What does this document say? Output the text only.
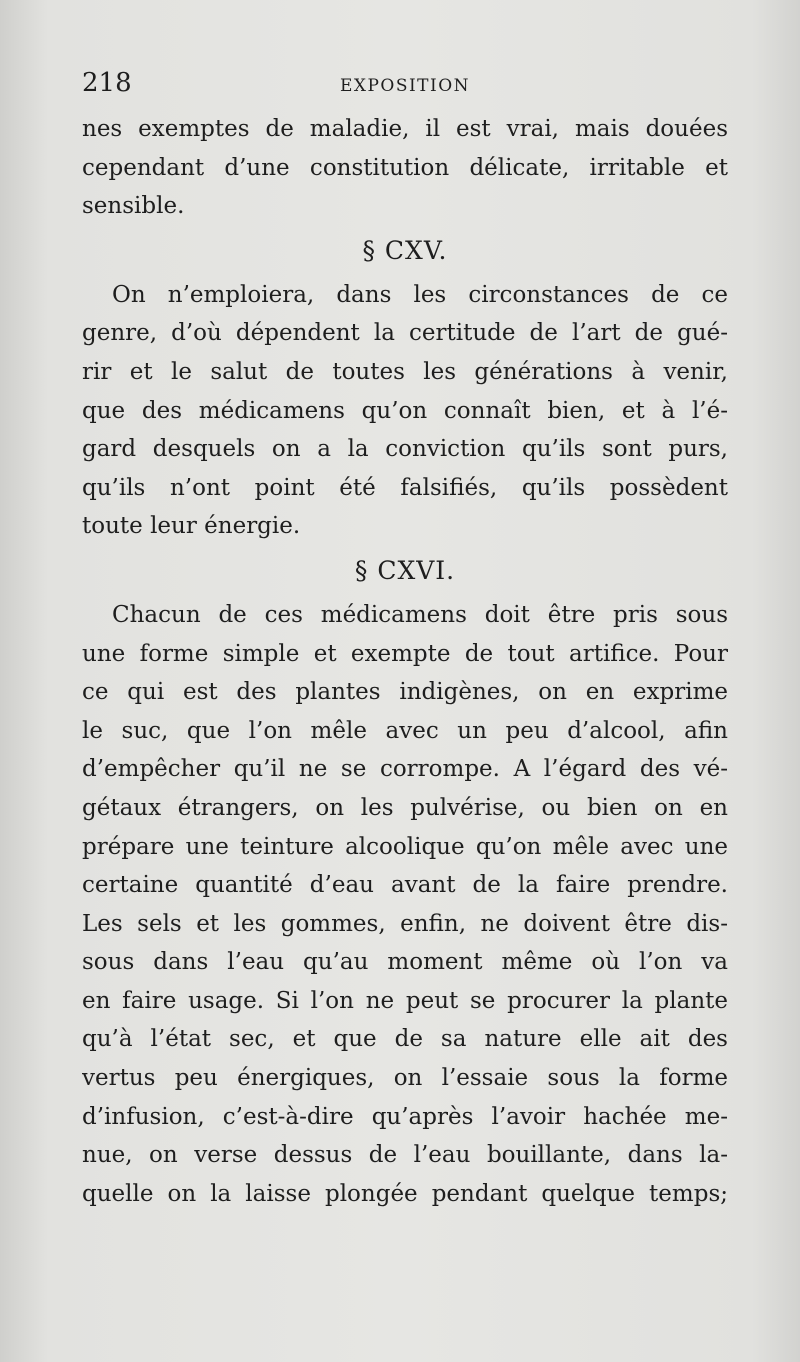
218	EXPOSITION
nes exemptes de maladie, il est vrai, mais douées
cependant d’une constitution délicate, irritable et
sensible.
§ CXV.
On n’emploiera, dans les circonstances de ce
genre, d’où dépendent la certitude de l’art de gué-
rir et le salut de toutes les générations à venir,
que des médicamens qu’on connaît bien, et à l’é-
gard desquels on a la conviction qu’ils sont purs,
qu’ils n’ont point été falsifiés, qu’ils possèdent
toute leur énergie.
§ CXVI.
Chacun de ces médicamens doit être pris sous
une forme simple et exempte de tout artifice. Pour
ce qui est des plantes indigènes, on en exprime
le suc, que l’on mêle avec un peu d’alcool, afin
d’empêcher qu’il ne se corrompe. A l’égard des vé-
gétaux étrangers, on les pulvérise, ou bien on en
prépare une teinture alcoolique qu’on mêle avec une
certaine quantité d’eau avant de la faire prendre.
Les sels et les gommes, enfin, ne doivent être dis-
sous dans l’eau qu’au moment même où l’on va
en faire usage. Si l’on ne peut se procurer la plante
qu’à l’état sec, et que de sa nature elle ait des
vertus peu énergiques, on l’essaie sous la forme
d’infusion, c’est-à-dire qu’après l’avoir hachée me-
nue, on verse dessus de l’eau bouillante, dans la-
quelle on la laisse plongée pendant quelque temps;
